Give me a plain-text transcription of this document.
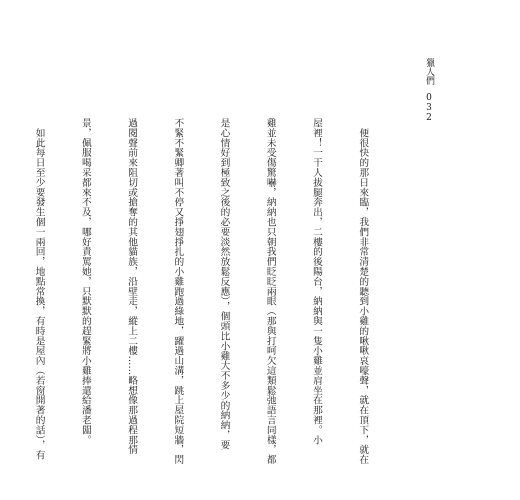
獵人們032

　便很快的那日來臨，我們非常清楚的聽到小雞的啾啾哀嚎聲，就在頂下，就在

屋裡！一干人拔腿奔出，二樓的後陽台，納納與一隻小雞並肩坐在那裡。小

雞並未受傷驚嚇，納納也只朝我們眨眨兩眼（那與打呵欠這類鬆弛語言同樣，都

是心情好到極致之後的必要淡然放鬆反應），個頭比小雞大不多少的納納，要

不緊不緊卿著叫不停又掙翅掙扎的小雞跑過綠地，躍過山溝，跳上屋院短牆，閃

過閱聲前來阻切或搶奪的其他貓族，沿壁走，縱上二樓……略想像那過程那情

景，佩服喝采都來不及，哪好責罵她，只默默的趕緊將小雞捧還給潘老闆。

　如此每日至少要發生個一兩回，地點常換，有時是屋內（若窗開著的話），有
